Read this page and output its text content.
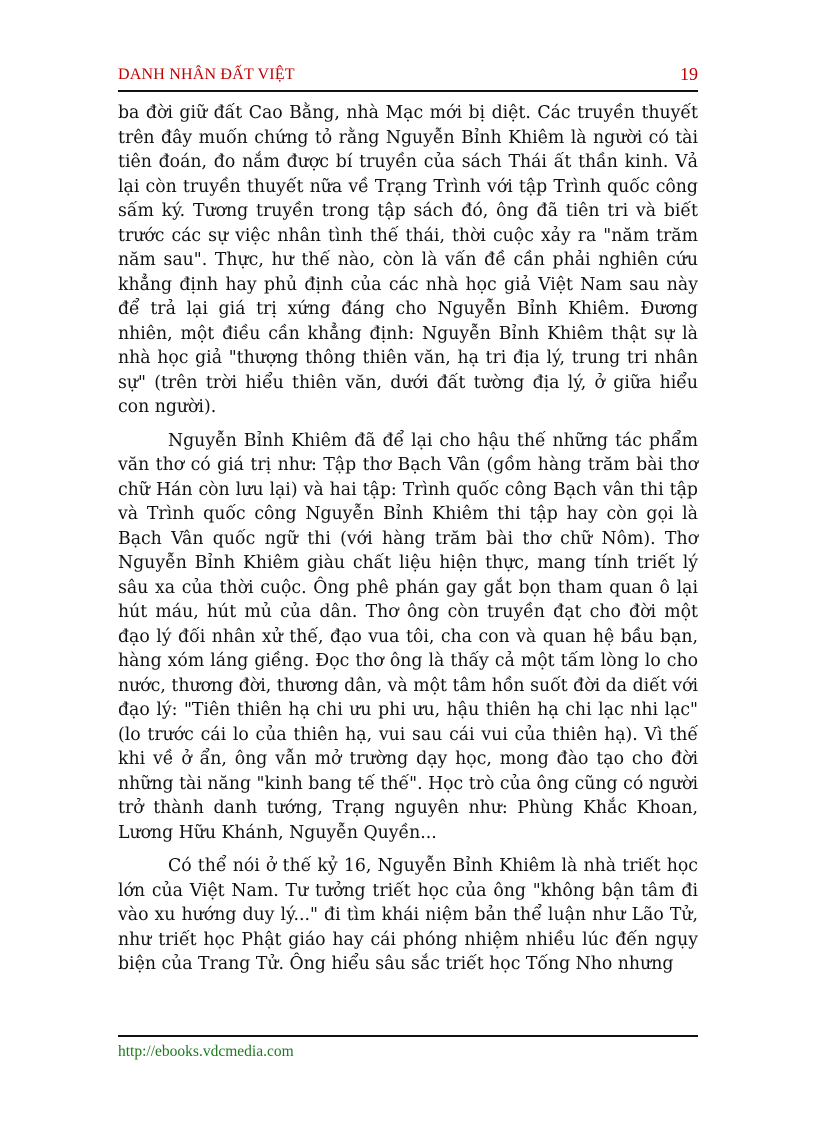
DANH NHÂN ĐẤT VIỆT	19

ba đời giữ đất Cao Bằng, nhà Mạc mới bị diệt. Các truyền thuyết trên đây muốn chứng tỏ rằng Nguyễn Bỉnh Khiêm là người có tài tiên đoán, đo nắm được bí truyền của sách Thái ất thần kinh. Vả lại còn truyền thuyết nữa về Trạng Trình với tập Trình quốc công sấm ký. Tương truyền trong tập sách đó, ông đã tiên tri và biết trước các sự việc nhân tình thế thái, thời cuộc xảy ra "năm trăm năm sau". Thực, hư thế nào, còn là vấn đề cần phải nghiên cứu khẳng định hay phủ định của các nhà học giả Việt Nam sau này để trả lại giá trị xứng đáng cho Nguyễn Bỉnh Khiêm. Đương nhiên, một điều cần khẳng định: Nguyễn Bỉnh Khiêm thật sự là nhà học giả "thượng thông thiên văn, hạ tri địa lý, trung tri nhân sự" (trên trời hiểu thiên văn, dưới đất tường địa lý, ở giữa hiểu con người).

Nguyễn Bỉnh Khiêm đã để lại cho hậu thế những tác phẩm văn thơ có giá trị như: Tập thơ Bạch Vân (gồm hàng trăm bài thơ chữ Hán còn lưu lại) và hai tập: Trình quốc công Bạch vân thi tập và Trình quốc công Nguyễn Bỉnh Khiêm thi tập hay còn gọi là Bạch Vân quốc ngữ thi (với hàng trăm bài thơ chữ Nôm). Thơ Nguyễn Bỉnh Khiêm giàu chất liệu hiện thực, mang tính triết lý sâu xa của thời cuộc. Ông phê phán gay gắt bọn tham quan ô lại hút máu, hút mủ của dân. Thơ ông còn truyền đạt cho đời một đạo lý đối nhân xử thế, đạo vua tôi, cha con và quan hệ bầu bạn, hàng xóm láng giềng. Đọc thơ ông là thấy cả một tấm lòng lo cho nước, thương đời, thương dân, và một tâm hồn suốt đời da diết với đạo lý: "Tiên thiên hạ chi ưu phi ưu, hậu thiên hạ chi lạc nhi lạc" (lo trước cái lo của thiên hạ, vui sau cái vui của thiên hạ). Vì thế khi về ở ẩn, ông vẫn mở trường dạy học, mong đào tạo cho đời những tài năng "kinh bang tế thế". Học trò của ông cũng có người trở thành danh tướng, Trạng nguyên như: Phùng Khắc Khoan, Lương Hữu Khánh, Nguyễn Quyền...

Có thể nói ở thế kỷ 16, Nguyễn Bỉnh Khiêm là nhà triết học lớn của Việt Nam. Tư tưởng triết học của ông "không bận tâm đi vào xu hướng duy lý..." đi tìm khái niệm bản thể luận như Lão Tử, như triết học Phật giáo hay cái phóng nhiệm nhiều lúc đến ngụy biện của Trang Tử. Ông hiểu sâu sắc triết học Tống Nho nhưng

http://ebooks.vdcmedia.com
